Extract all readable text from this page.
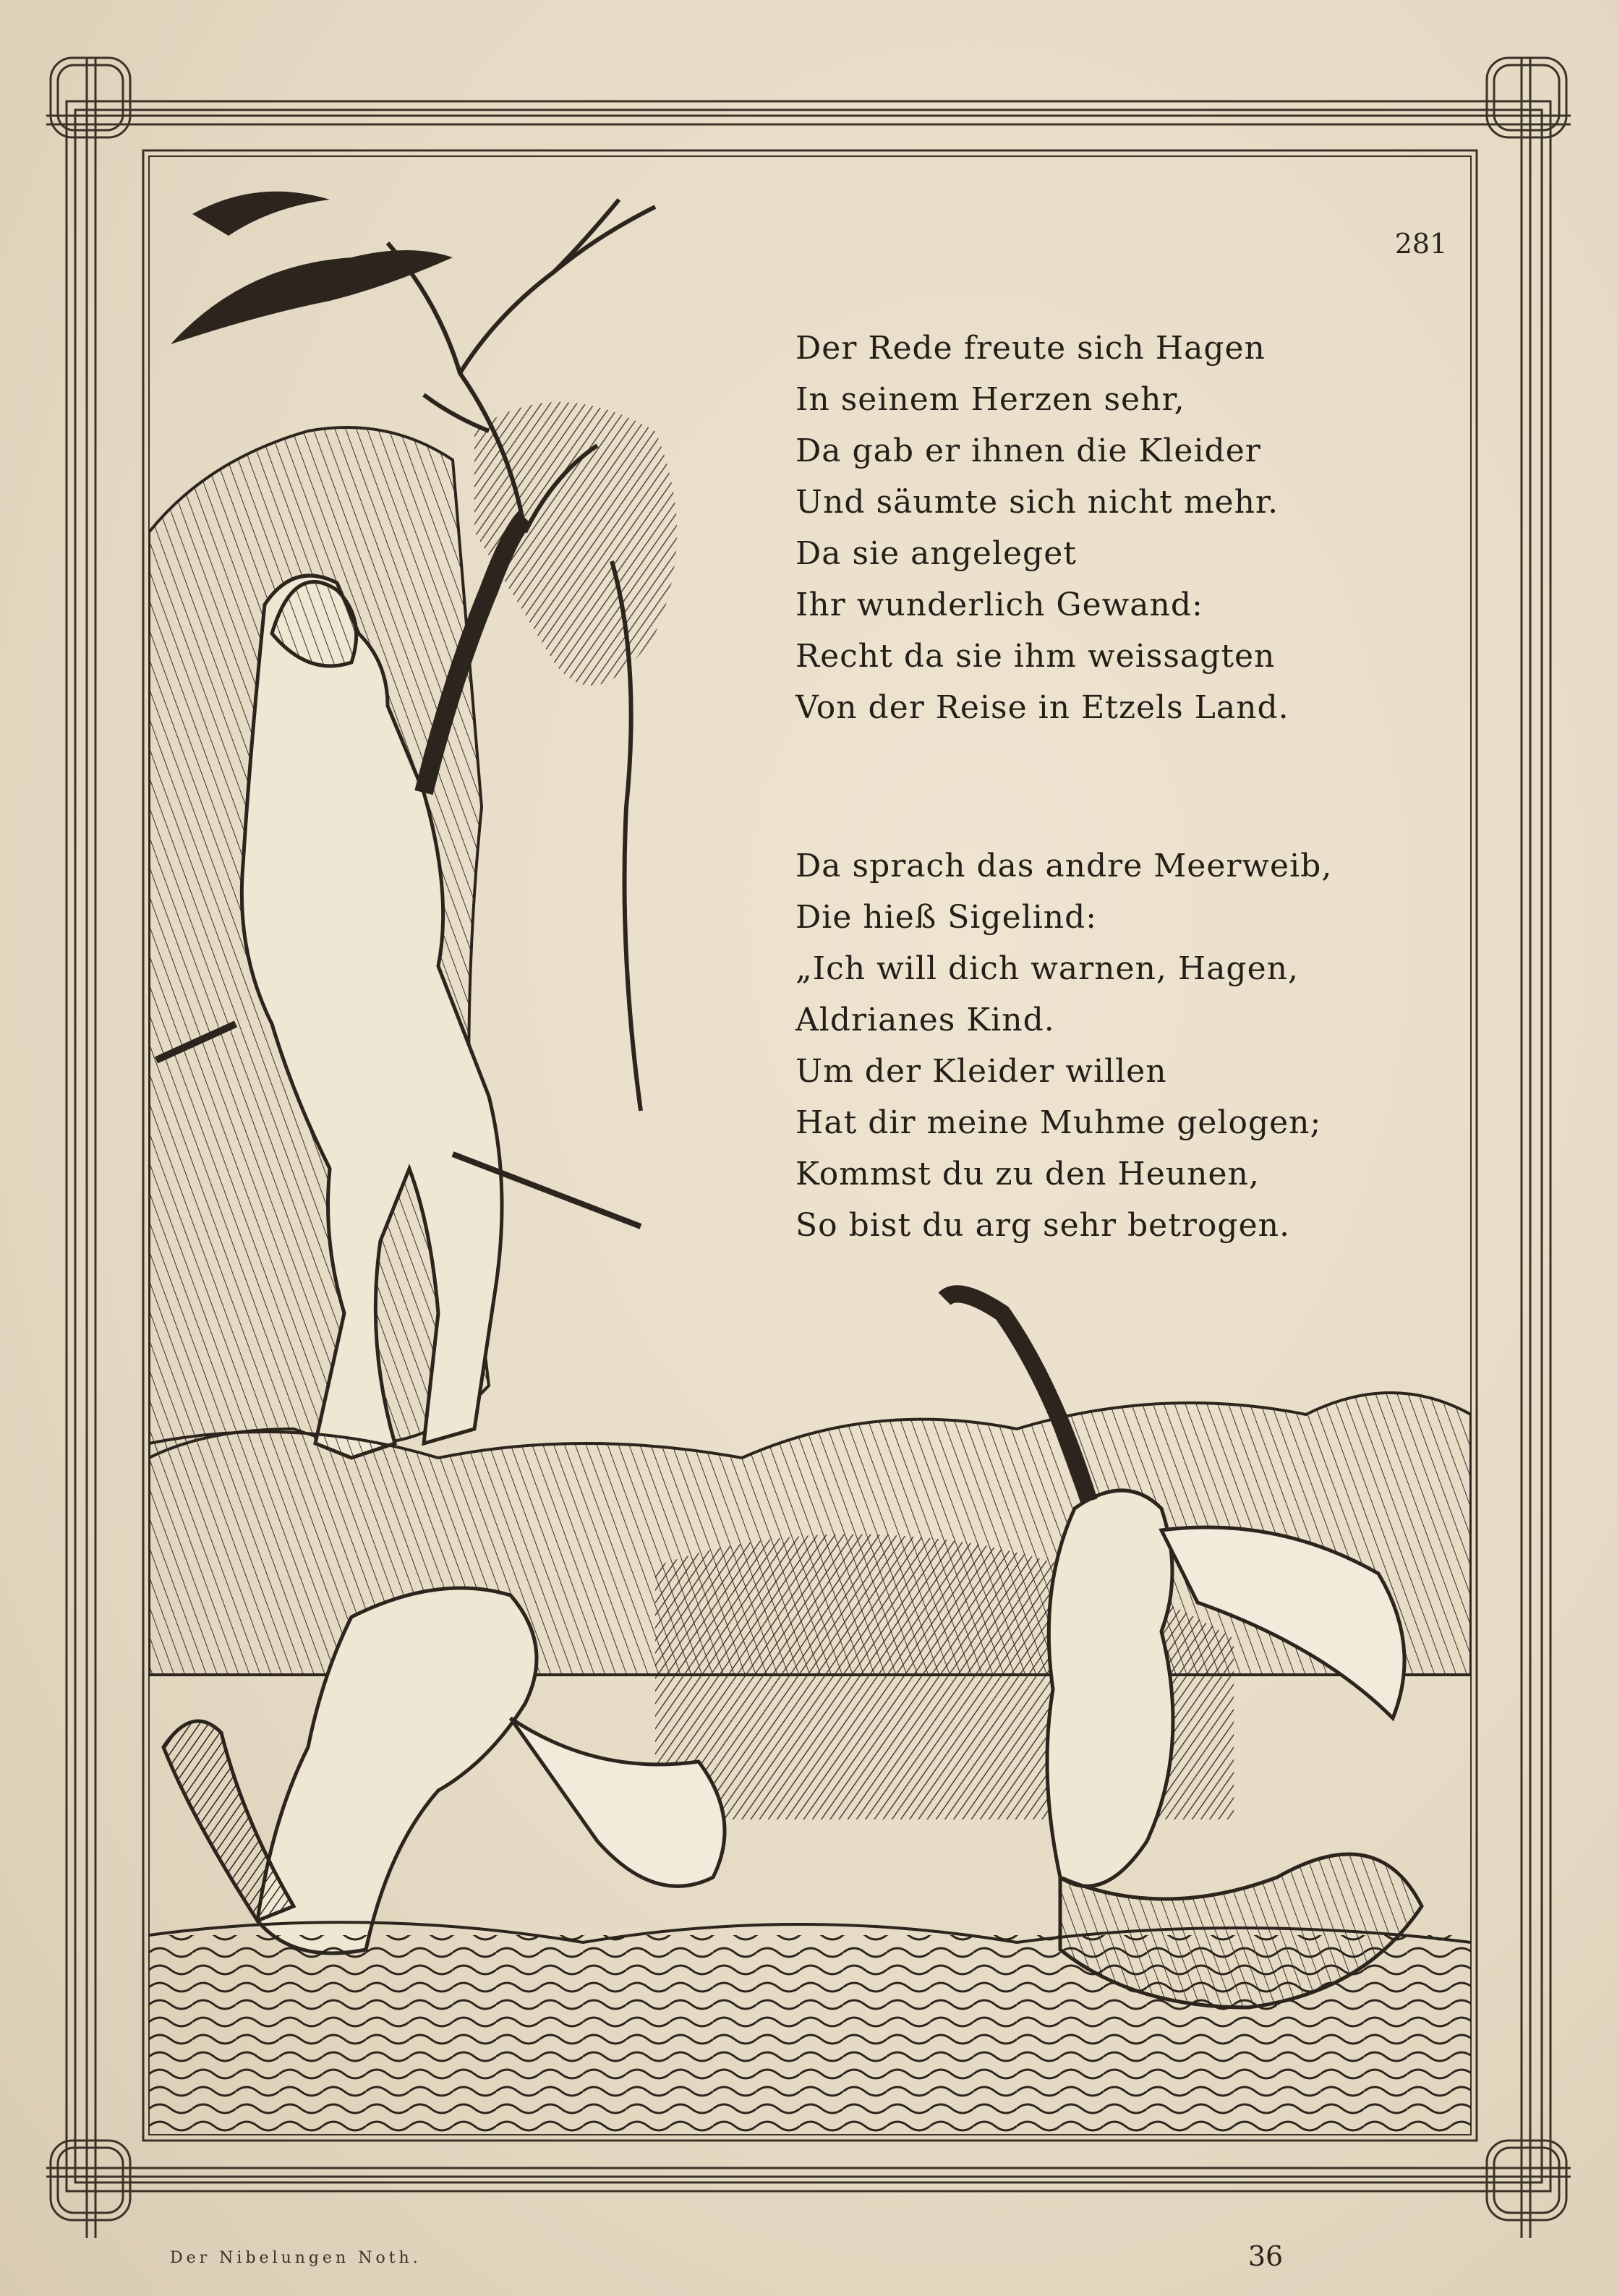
281
Der Rede freute sich Hagen
In seinem Herzen sehr,
Da gab er ihnen die Kleider
Und säumte sich nicht mehr.
Da sie angeleget
Ihr wunderlich Gewand:
Recht da sie ihm weissagten
Von der Reise in Etzels Land.
Da sprach das andre Meerweib,
Die hieß Sigelind:
„Ich will dich warnen, Hagen,
Aldrianes Kind.
Um der Kleider willen
Hat dir meine Muhme gelogen;
Kommst du zu den Heunen,
So bist du arg sehr betrogen.
Der Nibelungen Noth.	36
